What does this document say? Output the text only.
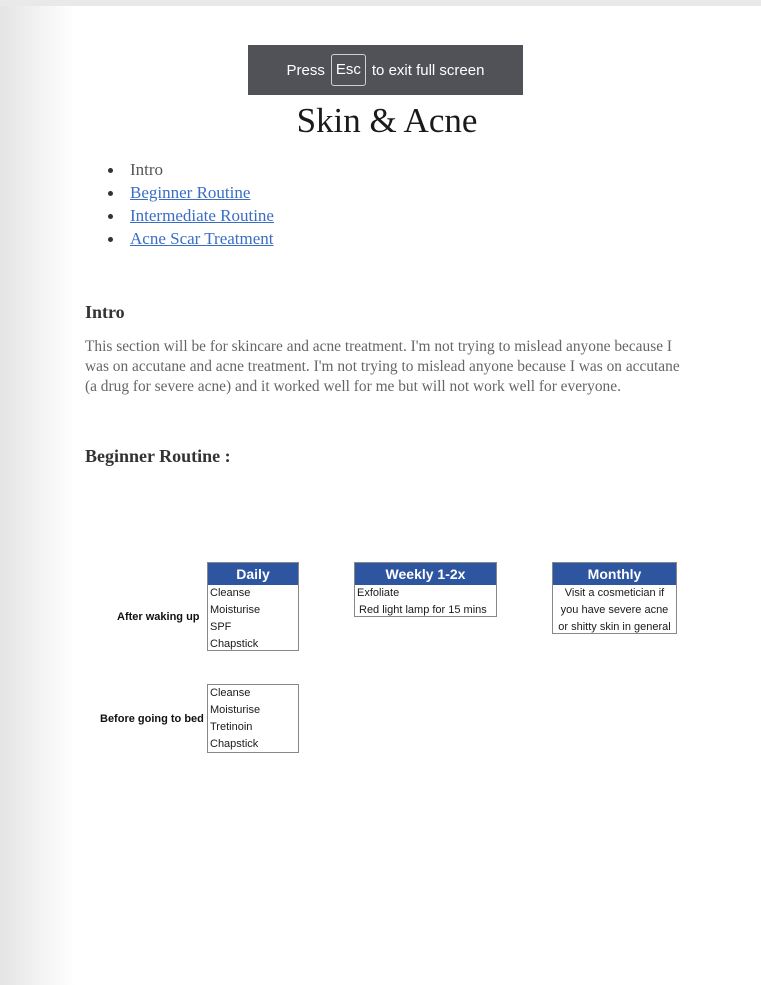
Skin & Acne
Intro
Beginner Routine
Intermediate Routine
Acne Scar Treatment
Intro
This section will be for skincare and acne treatment. I'm not trying to mislead anyone because I was on accutane and acne treatment. I'm not trying to mislead anyone because I was on accutane (a drug for severe acne) and it worked well for me but will not work well for everyone.
Beginner Routine :
After waking up
Before going to bed
Daily
Cleanse
Moisturise
SPF
Chapstick
Cleanse
Moisturise
Tretinoin
Chapstick
Weekly 1-2x
Exfoliate
Red light lamp for 15 mins
Monthly
Visit a cosmetician if
you have severe acne
or shitty skin in general
Press Esc to exit full screen
